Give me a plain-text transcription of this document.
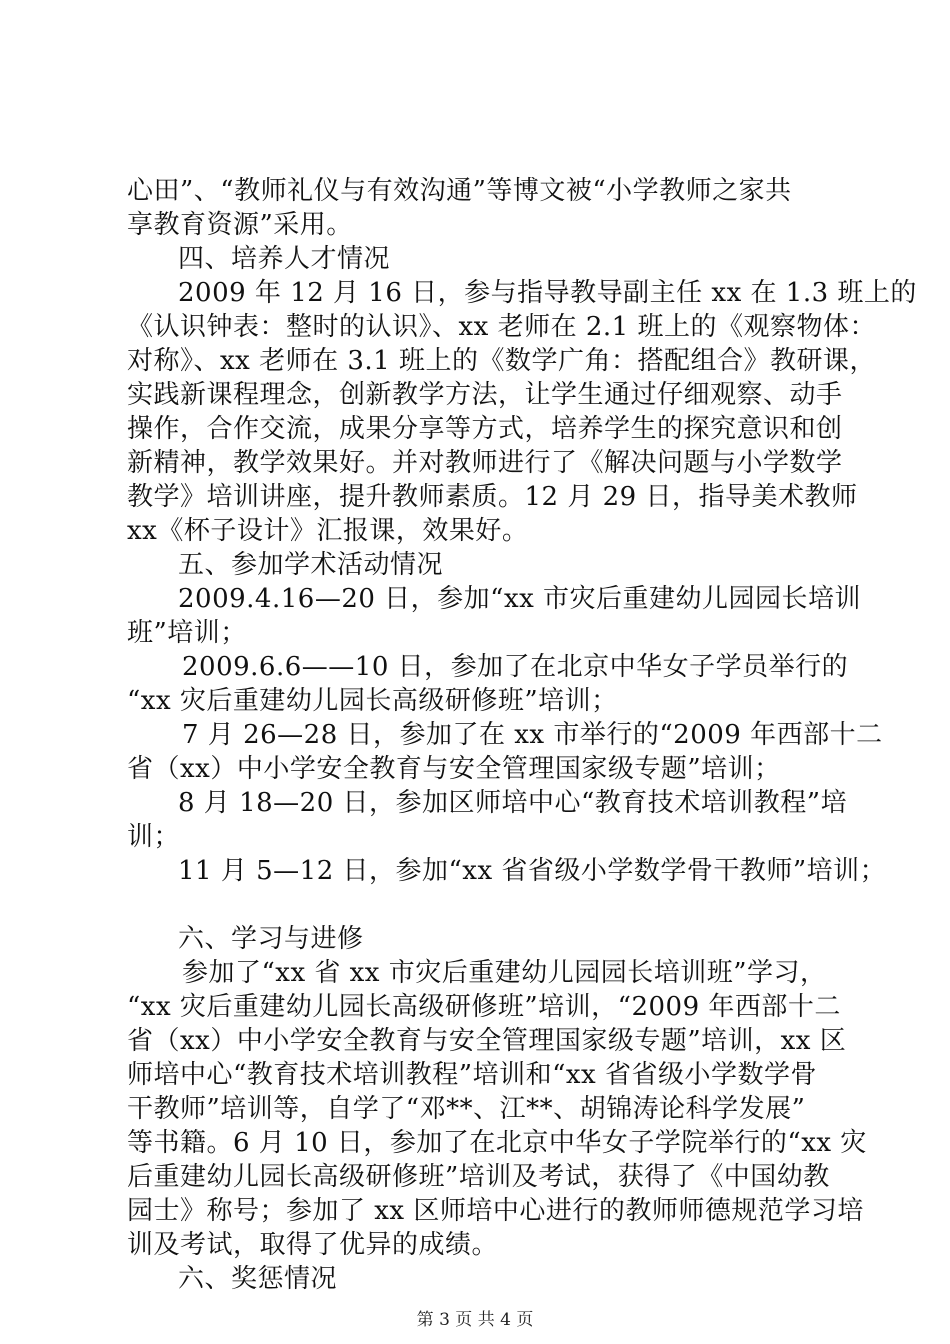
心田”、“教师礼仪与有效沟通”等博文被“小学教师之家共
享教育资源”采用。
四、培养人才情况
2009 年 12 月 16 日，参与指导教导副主任 xx 在 1.3 班上的
《认识钟表：整时的认识》、xx 老师在 2.1 班上的《观察物体：
对称》、xx 老师在 3.1 班上的《数学广角：搭配组合》教研课，
实践新课程理念，创新教学方法，让学生通过仔细观察、动手
操作，合作交流，成果分享等方式，培养学生的探究意识和创
新精神，教学效果好。并对教师进行了《解决问题与小学数学
教学》培训讲座，提升教师素质。12 月 29 日，指导美术教师
xx《杯子设计》汇报课，效果好。
五、参加学术活动情况
2009.4.16—20 日，参加“xx 市灾后重建幼儿园园长培训
班”培训；
2009.6.6——10 日，参加了在北京中华女子学员举行的
“xx 灾后重建幼儿园长高级研修班”培训；
7 月 26—28 日，参加了在 xx 市举行的“2009 年西部十二
省（xx）中小学安全教育与安全管理国家级专题”培训；
8 月 18—20 日，参加区师培中心“教育技术培训教程”培
训；
11 月 5—12 日，参加“xx 省省级小学数学骨干教师”培训；
六、学习与进修
参加了“xx 省 xx 市灾后重建幼儿园园长培训班”学习，
“xx 灾后重建幼儿园长高级研修班”培训，“2009 年西部十二
省（xx）中小学安全教育与安全管理国家级专题”培训，xx 区
师培中心“教育技术培训教程”培训和“xx 省省级小学数学骨
干教师”培训等，自学了“邓**、江**、胡锦涛论科学发展”
等书籍。6 月 10 日，参加了在北京中华女子学院举行的“xx 灾
后重建幼儿园长高级研修班”培训及考试，获得了《中国幼教
园士》称号；参加了 xx 区师培中心进行的教师师德规范学习培
训及考试，取得了优异的成绩。
六、奖惩情况
第 3 页 共 4 页
